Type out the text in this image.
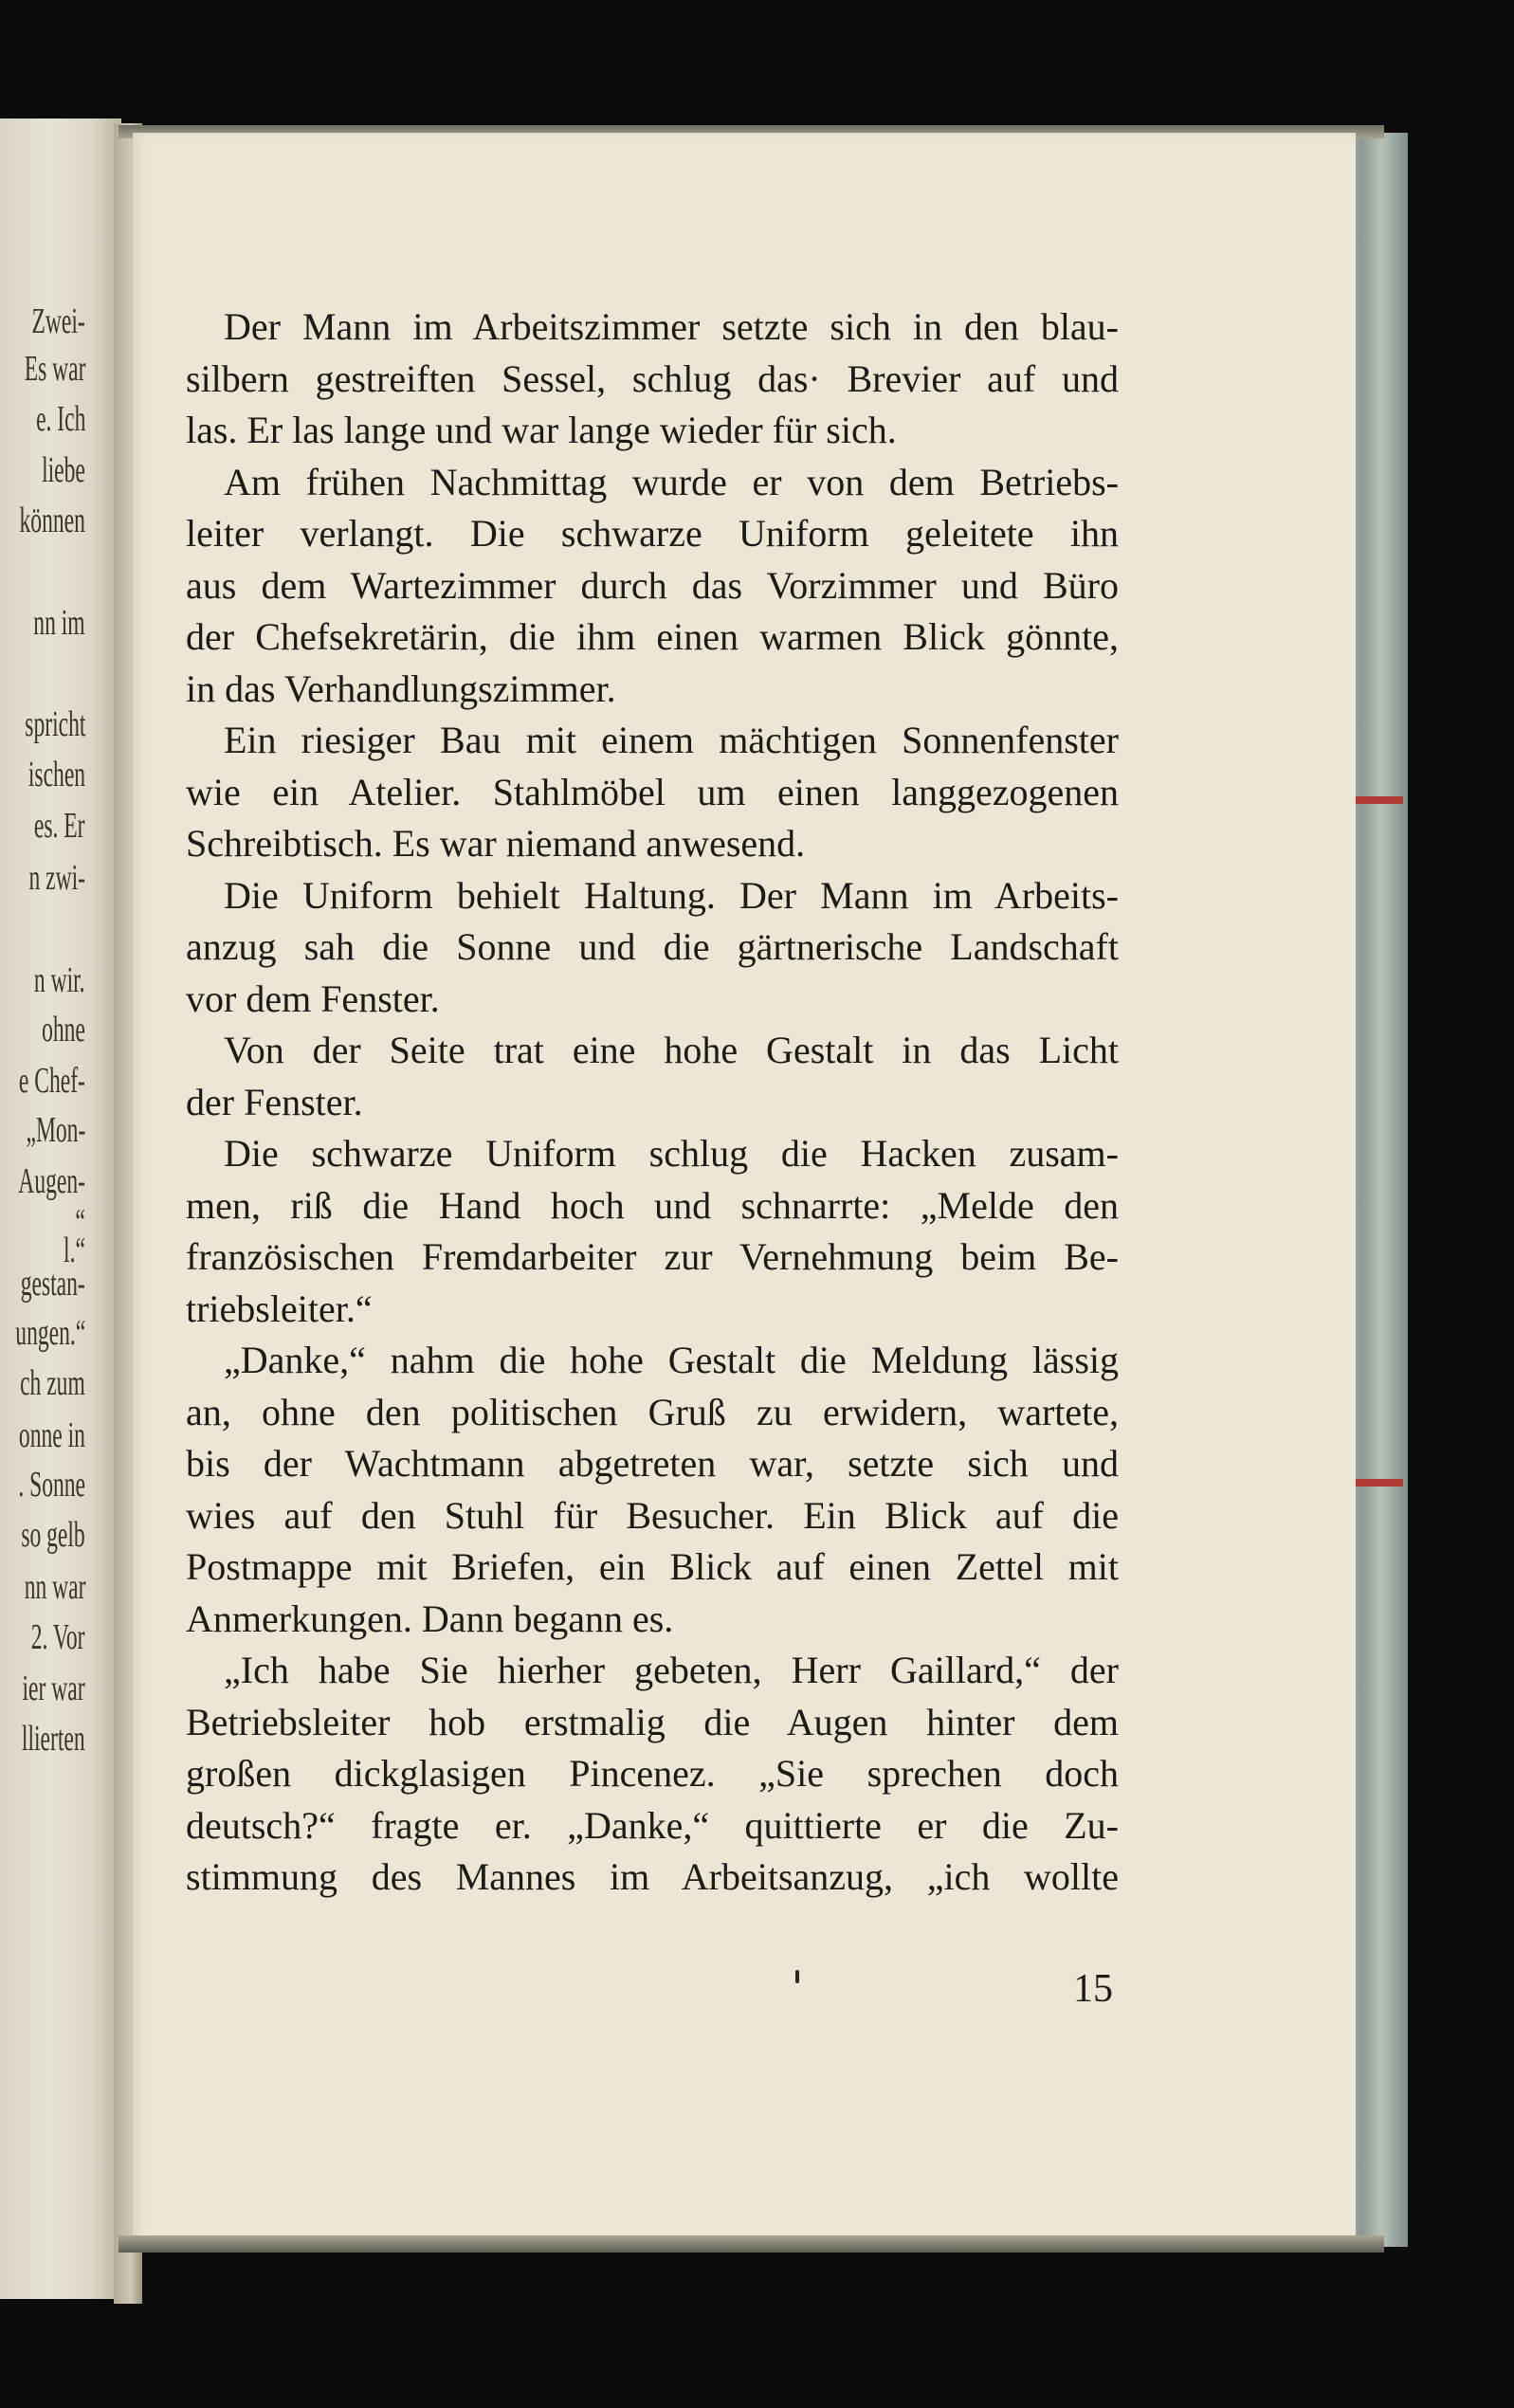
Zwei-
Es war
e. Ich
liebe
können
nn im
spricht
ischen
es. Er
n zwi-
n wir.
ohne
e Chef-
„Mon-
Augen-
“
l.“
gestan-
ungen.“
ch zum
onne in
. Sonne
so gelb
nn war
2. Vor
ier war
llierten

Der Mann im Arbeitszimmer setzte sich in den blau-
silbern gestreiften Sessel, schlug das· Brevier auf und
las. Er las lange und war lange wieder für sich.

Am frühen Nachmittag wurde er von dem Betriebs-
leiter verlangt. Die schwarze Uniform geleitete ihn
aus dem Wartezimmer durch das Vorzimmer und Büro
der Chefsekretärin, die ihm einen warmen Blick gönnte,
in das Verhandlungszimmer.

Ein riesiger Bau mit einem mächtigen Sonnenfenster
wie ein Atelier. Stahlmöbel um einen langgezogenen
Schreibtisch. Es war niemand anwesend.

Die Uniform behielt Haltung. Der Mann im Arbeits-
anzug sah die Sonne und die gärtnerische Landschaft
vor dem Fenster.

Von der Seite trat eine hohe Gestalt in das Licht
der Fenster.

Die schwarze Uniform schlug die Hacken zusam-
men, riß die Hand hoch und schnarrte: „Melde den
französischen Fremdarbeiter zur Vernehmung beim Be-
triebsleiter.“

„Danke,“ nahm die hohe Gestalt die Meldung lässig
an, ohne den politischen Gruß zu erwidern, wartete,
bis der Wachtmann abgetreten war, setzte sich und
wies auf den Stuhl für Besucher. Ein Blick auf die
Postmappe mit Briefen, ein Blick auf einen Zettel mit
Anmerkungen. Dann begann es.

„Ich habe Sie hierher gebeten, Herr Gaillard,“ der
Betriebsleiter hob erstmalig die Augen hinter dem
großen dickglasigen Pincenez. „Sie sprechen doch
deutsch?“ fragte er. „Danke,“ quittierte er die Zu-
stimmung des Mannes im Arbeitsanzug, „ich wollte

15
